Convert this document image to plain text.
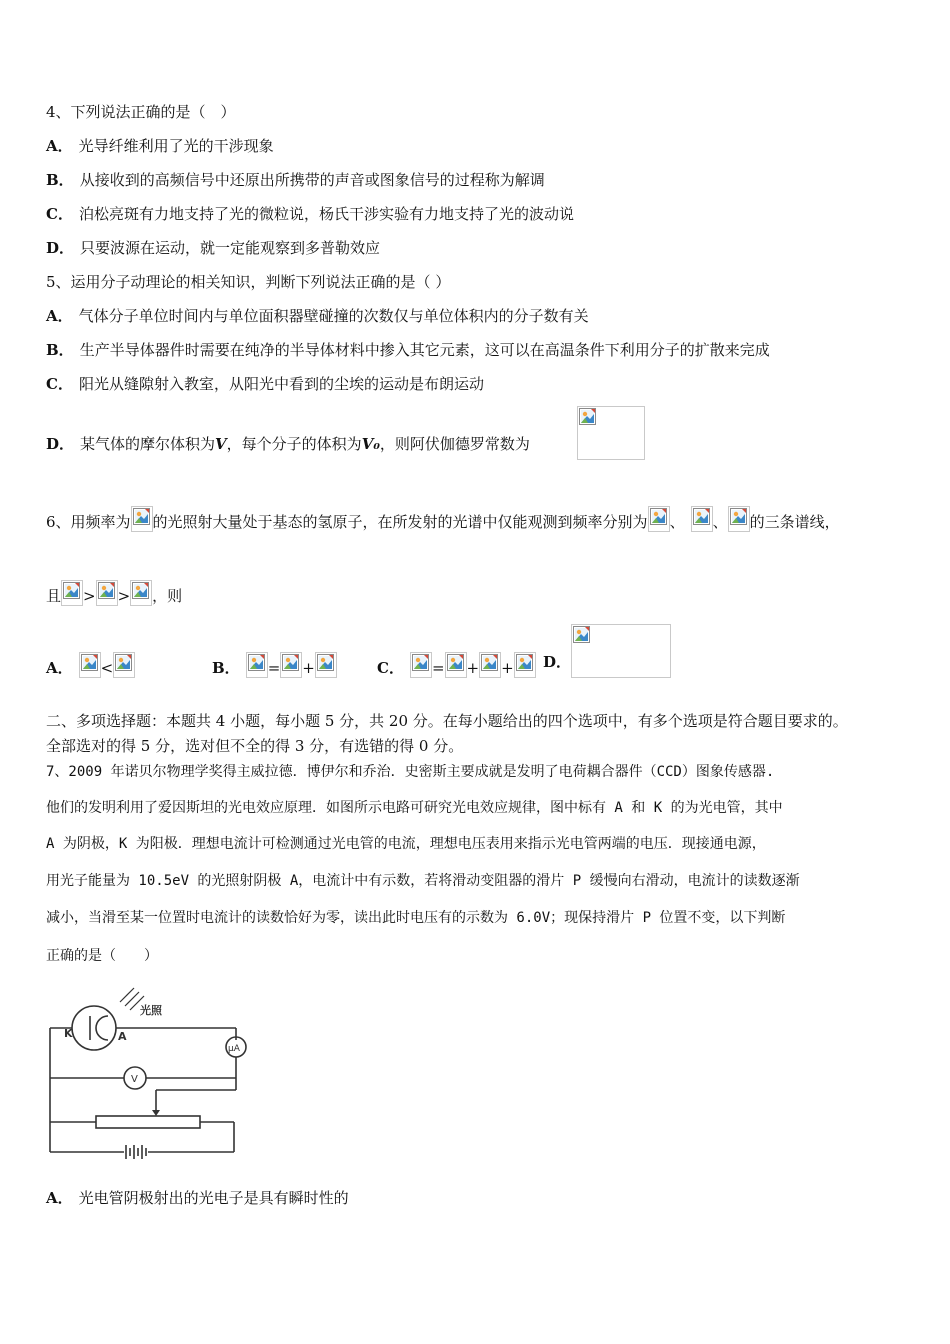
4、下列说法正确的是（　）
A． 光导纤维利用了光的干涉现象
B． 从接收到的高频信号中还原出所携带的声音或图象信号的过程称为解调
C． 泊松亮斑有力地支持了光的微粒说，杨氏干涉实验有力地支持了光的波动说
D． 只要波源在运动，就一定能观察到多普勒效应
5、运用分子动理论的相关知识，判断下列说法正确的是（ ）
A． 气体分子单位时间内与单位面积器壁碰撞的次数仅与单位体积内的分子数有关
B． 生产半导体器件时需要在纯净的半导体材料中掺入其它元素，这可以在高温条件下利用分子的扩散来完成
C． 阳光从缝隙射入教室，从阳光中看到的尘埃的运动是布朗运动
D． 某气体的摩尔体积为V，每个分子的体积为V₀，则阿伏伽德罗常数为
6、用频率为 的光照射大量处于基态的氢原子，在所发射的光谱中仅能观测到频率分别为 、 、 的三条谱线，
且 > > ，则
A． <	B． = +	C． = + +	D．
二、多项选择题：本题共 4 小题，每小题 5 分，共 20 分。在每小题给出的四个选项中，有多个选项是符合题目要求的。
全部选对的得 5 分，选对但不全的得 3 分，有选错的得 0 分。
7、2009 年诺贝尔物理学奖得主威拉德．博伊尔和乔治．史密斯主要成就是发明了电荷耦合器件（CCD）图象传感器.
他们的发明利用了爱因斯坦的光电效应原理．如图所示电路可研究光电效应规律，图中标有 A 和 K 的为光电管，其中
A 为阴极，K 为阳极．理想电流计可检测通过光电管的电流，理想电压表用来指示光电管两端的电压．现接通电源，
用光子能量为 10.5eV 的光照射阴极 A，电流计中有示数，若将滑动变阻器的滑片 P 缓慢向右滑动，电流计的读数逐渐
减小，当滑至某一位置时电流计的读数恰好为零，读出此时电压有的示数为 6.0V；现保持滑片 P 位置不变，以下判断
正确的是（　　）
光照
K	A
μA
V
A． 光电管阴极射出的光电子是具有瞬时性的
